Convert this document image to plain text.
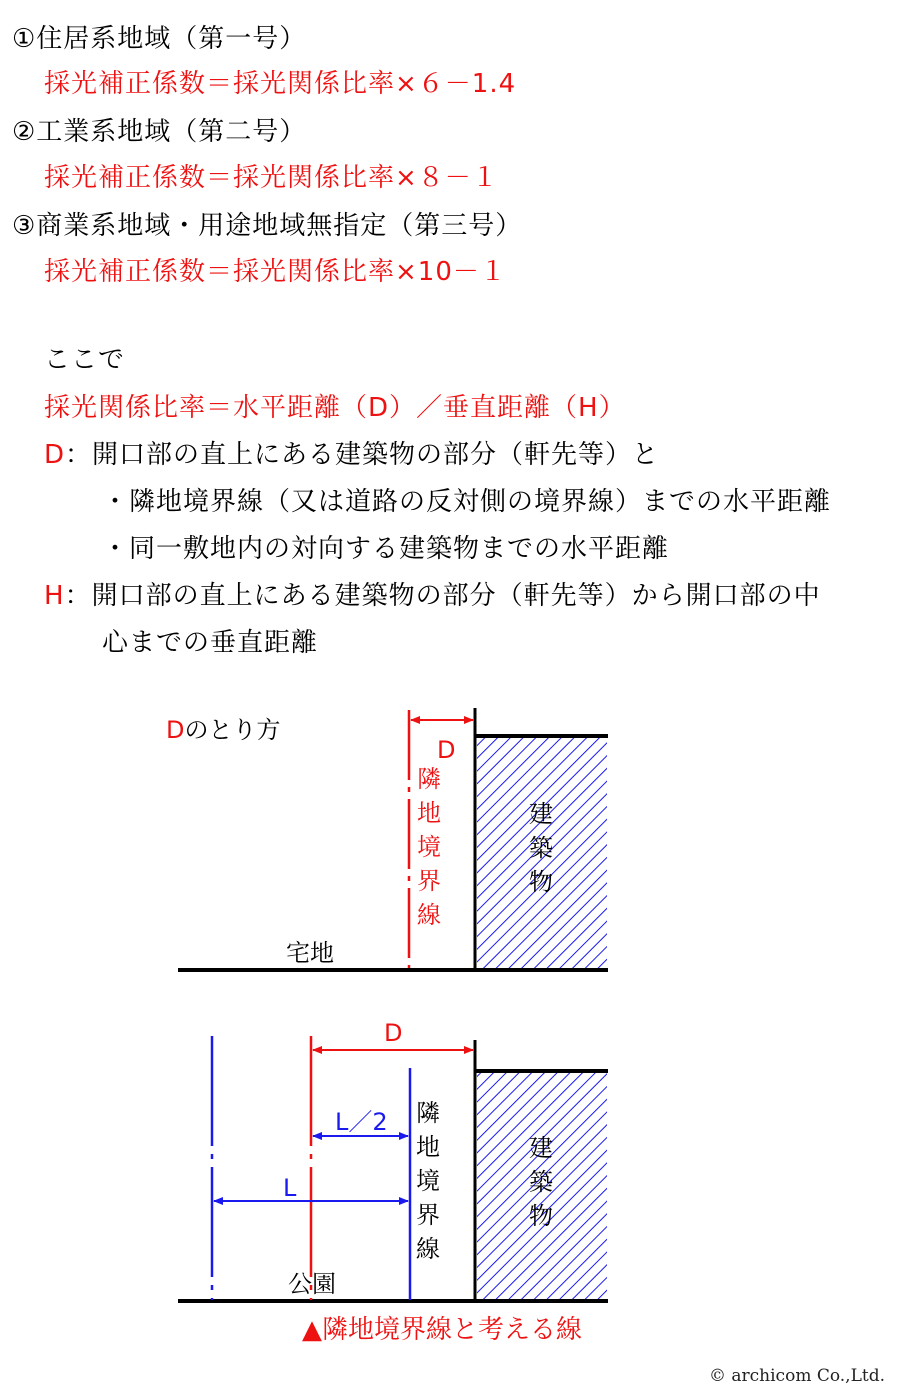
①住居系地域（第一号）
採光補正係数＝採光関係比率×６－1.4
②工業系地域（第二号）
採光補正係数＝採光関係比率×８－１
③商業系地域・用途地域無指定（第三号）
採光補正係数＝採光関係比率×10－１
ここで
採光関係比率＝水平距離（D）／垂直距離（H）
D：開口部の直上にある建築物の部分（軒先等）と
・隣地境界線（又は道路の反対側の境界線）までの水平距離
・同一敷地内の対向する建築物までの水平距離
H：開口部の直上にある建築物の部分（軒先等）から開口部の中
心までの垂直距離
Dのとり方
D
隣地境界線
建築物
宅地
D
L／2
L
隣地境界線
建築物
公園
▲隣地境界線と考える線
© archicom Co.,Ltd.
